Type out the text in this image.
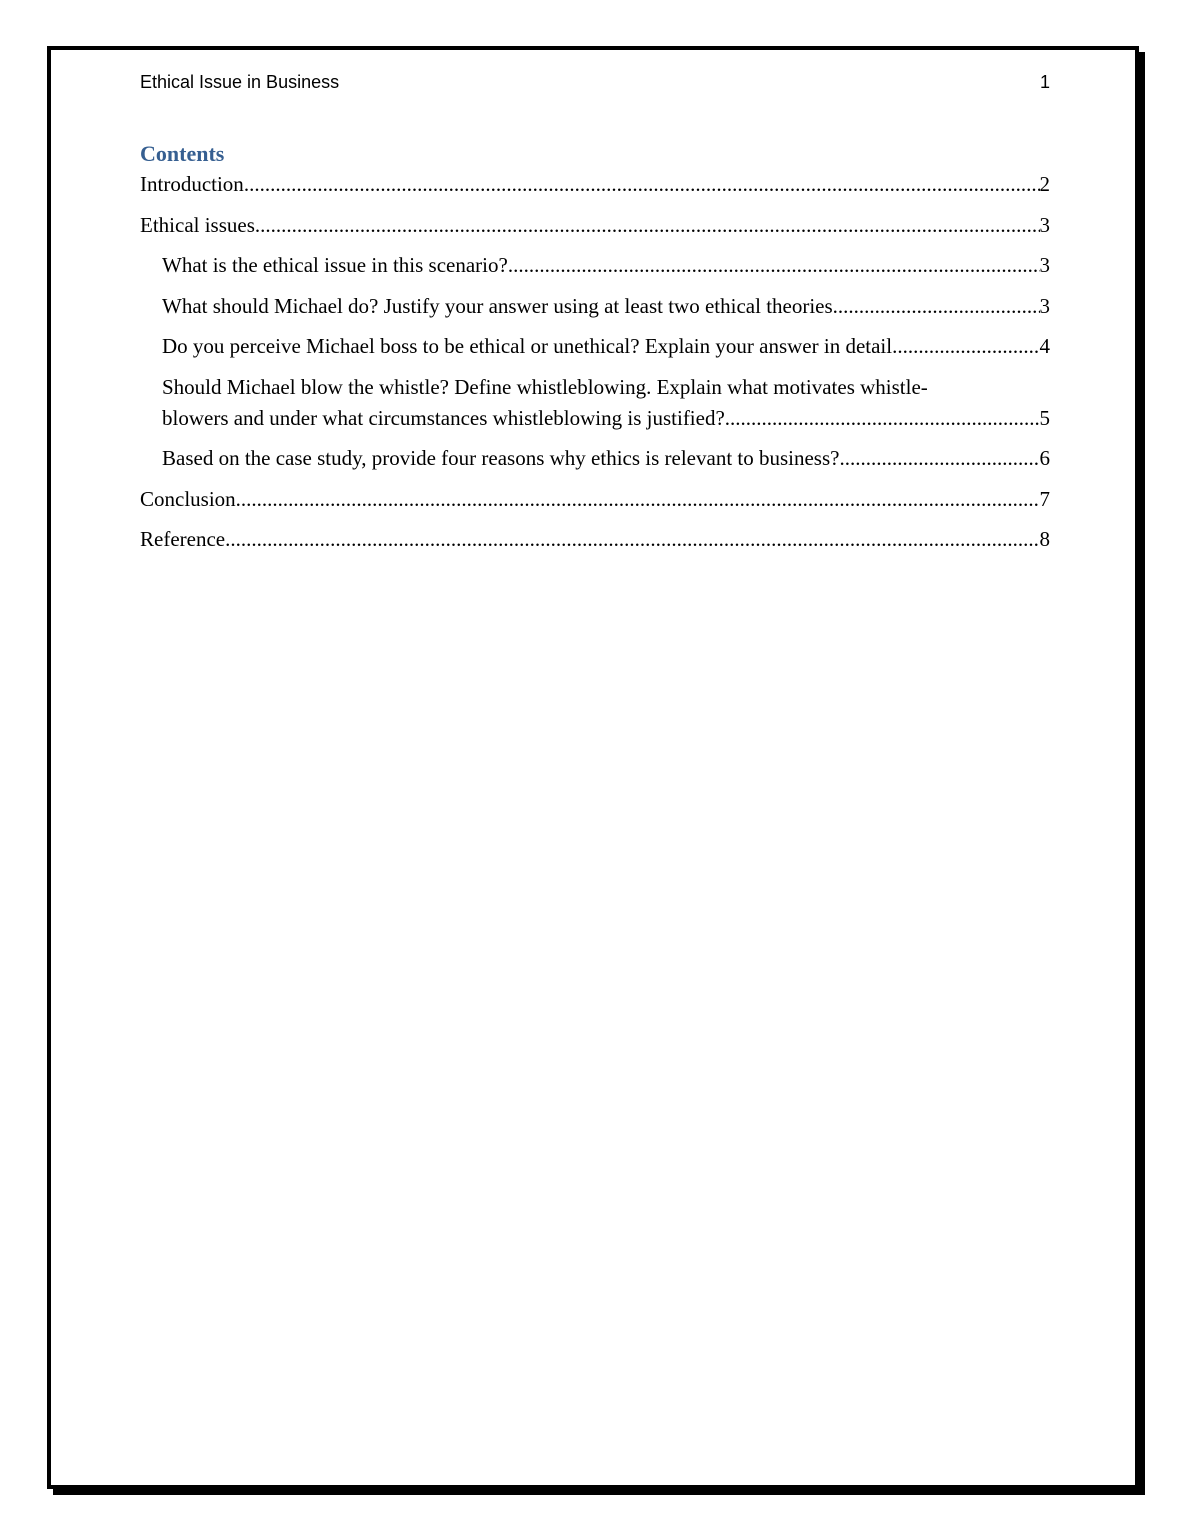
Ethical Issue in Business	1
Contents
Introduction .....	2
Ethical issues .....	3
What is the ethical issue in this scenario? .....	3
What should Michael do? Justify your answer using at least two ethical theories .....	3
Do you perceive Michael boss to be ethical or unethical? Explain your answer in detail .....	4
Should Michael blow the whistle? Define whistleblowing. Explain what motivates whistle-
blowers and under what circumstances whistleblowing is justified? .....	5
Based on the case study, provide four reasons why ethics is relevant to business? .....	6
Conclusion .....	7
Reference .....	8
